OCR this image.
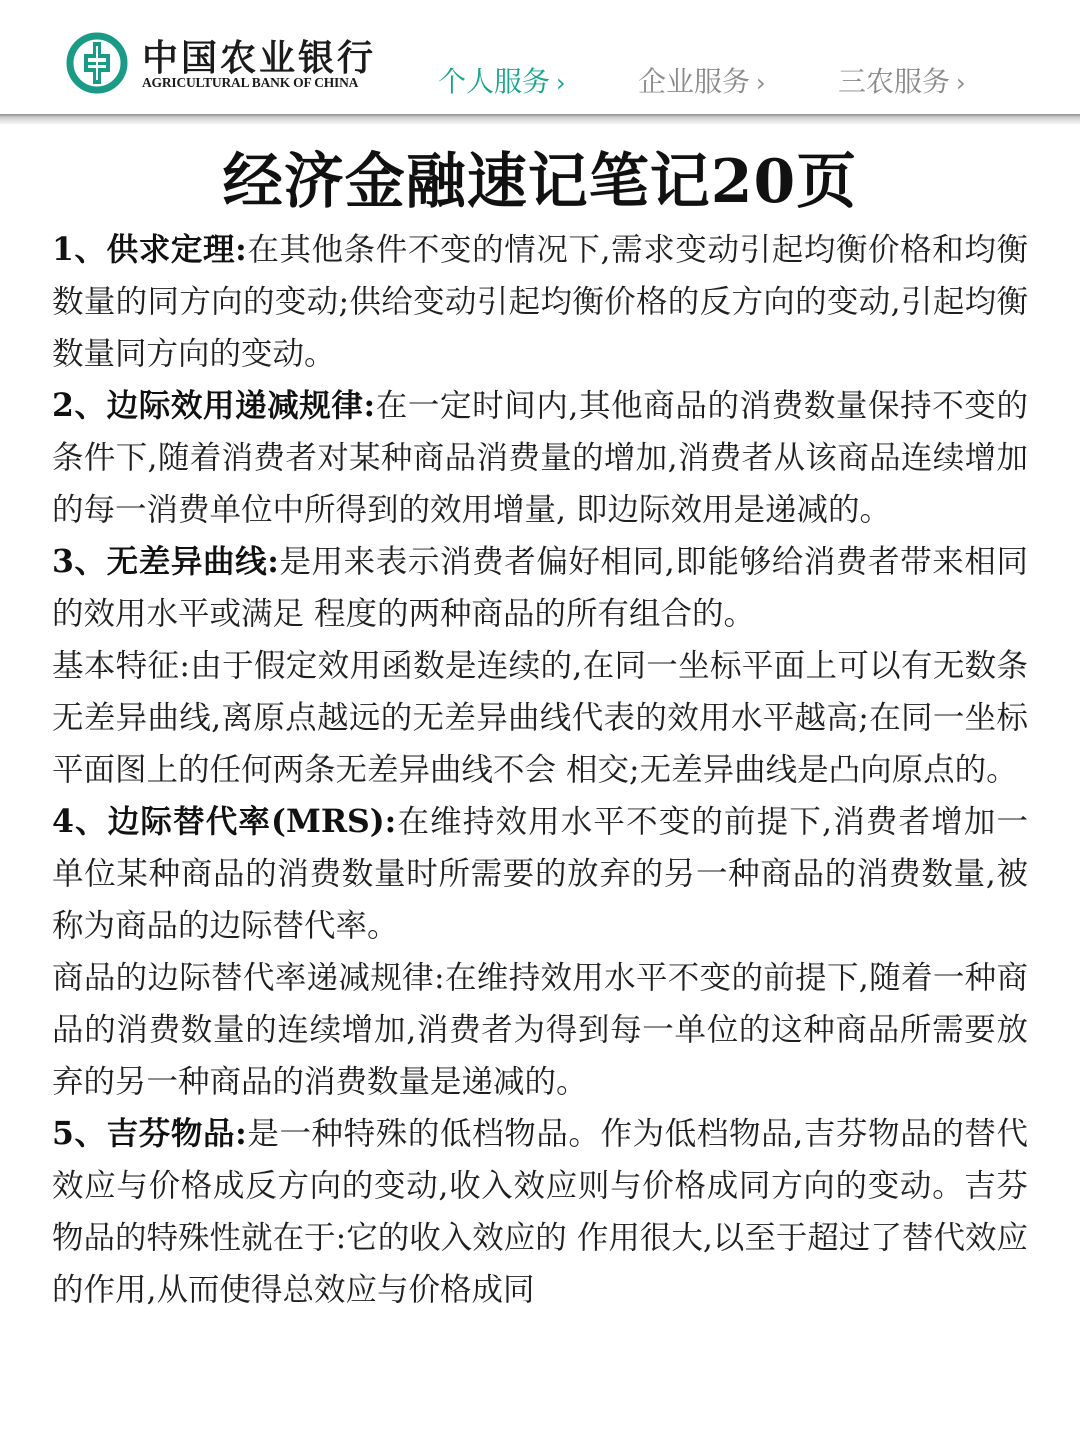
中国农业银行
AGRICULTURAL BANK OF CHINA	个人服务 ›	企业服务 ›	三农服务 ›
经济金融速记笔记20页

1、供求定理:在其他条件不变的情况下,需求变动引起均衡价格和均衡数量的同方向的变动;供给变动引起均衡价格的反方向的变动,引起均衡数量同方向的变动。

2、边际效用递减规律:在一定时间内,其他商品的消费数量保持不变的条件下,随着消费者对某种商品消费量的增加,消费者从该商品连续增加的每一消费单位中所得到的效用增量, 即边际效用是递减的。

3、无差异曲线:是用来表示消费者偏好相同,即能够给消费者带来相同的效用水平或满足 程度的两种商品的所有组合的。

基本特征:由于假定效用函数是连续的,在同一坐标平面上可以有无数条无差异曲线,离原点越远的无差异曲线代表的效用水平越高;在同一坐标平面图上的任何两条无差异曲线不会 相交;无差异曲线是凸向原点的。

4、边际替代率(MRS):在维持效用水平不变的前提下,消费者增加一单位某种商品的消费数量时所需要的放弃的另一种商品的消费数量,被称为商品的边际替代率。

商品的边际替代率递减规律:在维持效用水平不变的前提下,随着一种商品的消费数量的连续增加,消费者为得到每一单位的这种商品所需要放弃的另一种商品的消费数量是递减的。

5、吉芬物品:是一种特殊的低档物品。作为低档物品,吉芬物品的替代效应与价格成反方向的变动,收入效应则与价格成同方向的变动。吉芬物品的特殊性就在于:它的收入效应的 作用很大,以至于超过了替代效应的作用,从而使得总效应与价格成同
